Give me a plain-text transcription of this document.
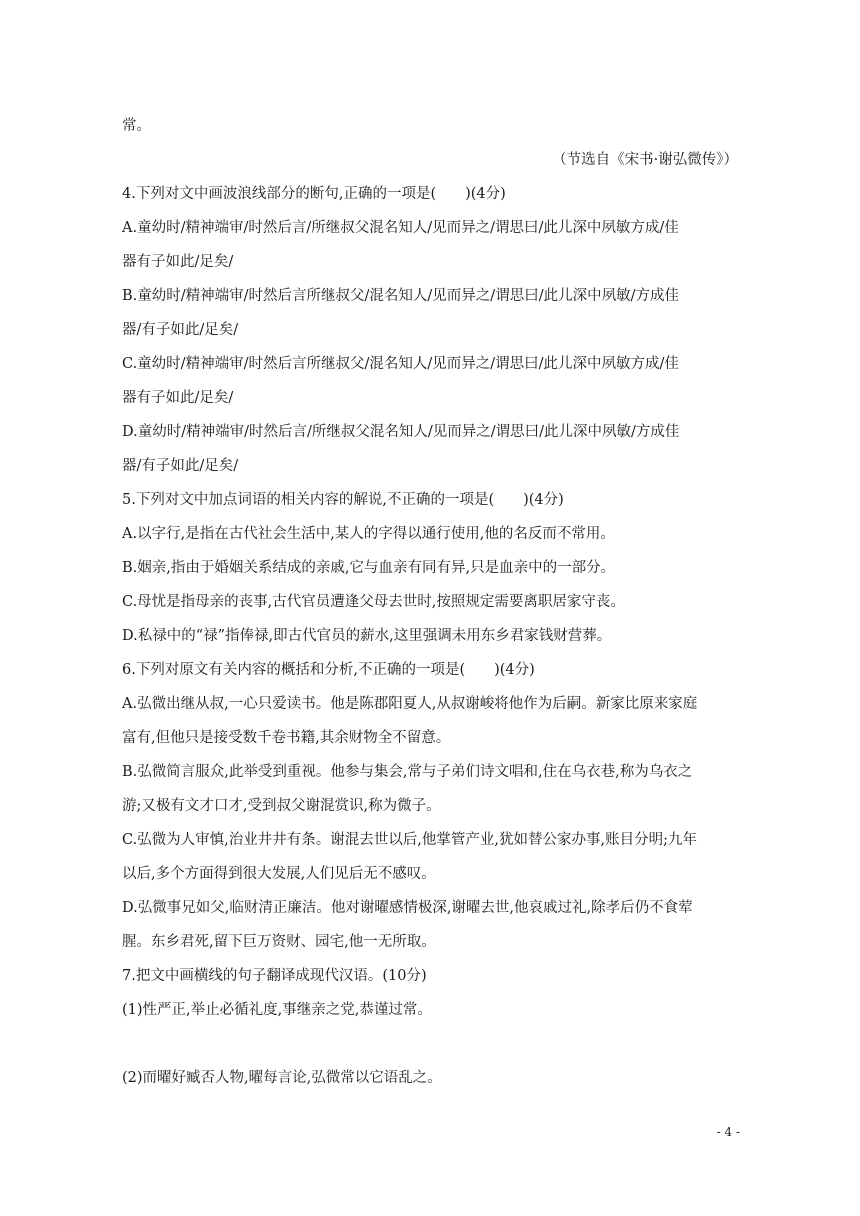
常。
（节选自《宋书·谢弘微传》）
4.下列对文中画波浪线部分的断句,正确的一项是(　　)(4分)
A.童幼时/精神端审/时然后言/所继叔父混名知人/见而异之/谓思曰/此儿深中夙敏方成/佳
器有子如此/足矣/
B.童幼时/精神端审/时然后言所继叔父/混名知人/见而异之/谓思曰/此儿深中夙敏/方成佳
器/有子如此/足矣/
C.童幼时/精神端审/时然后言所继叔父/混名知人/见而异之/谓思曰/此儿深中夙敏方成/佳
器有子如此/足矣/
D.童幼时/精神端审/时然后言/所继叔父混名知人/见而异之/谓思曰/此儿深中夙敏/方成佳
器/有子如此/足矣/
5.下列对文中加点词语的相关内容的解说,不正确的一项是(　　)(4分)
A.以字行,是指在古代社会生活中,某人的字得以通行使用,他的名反而不常用。
B.姻亲,指由于婚姻关系结成的亲戚,它与血亲有同有异,只是血亲中的一部分。
C.母忧是指母亲的丧事,古代官员遭逢父母去世时,按照规定需要离职居家守丧。
D.私禄中的“禄”指俸禄,即古代官员的薪水,这里强调未用东乡君家钱财营葬。
6.下列对原文有关内容的概括和分析,不正确的一项是(　　)(4分)
A.弘微出继从叔,一心只爱读书。他是陈郡阳夏人,从叔谢峻将他作为后嗣。新家比原来家庭
富有,但他只是接受数千卷书籍,其余财物全不留意。
B.弘微简言服众,此举受到重视。他参与集会,常与子弟们诗文唱和,住在乌衣巷,称为乌衣之
游;又极有文才口才,受到叔父谢混赏识,称为微子。
C.弘微为人审慎,治业井井有条。谢混去世以后,他掌管产业,犹如替公家办事,账目分明;九年
以后,多个方面得到很大发展,人们见后无不感叹。
D.弘微事兄如父,临财清正廉洁。他对谢曜感情极深,谢曜去世,他哀戚过礼,除孝后仍不食荤
腥。东乡君死,留下巨万资财、园宅,他一无所取。
7.把文中画横线的句子翻译成现代汉语。(10分)
(1)性严正,举止必循礼度,事继亲之党,恭谨过常。
(2)而曜好臧否人物,曜每言论,弘微常以它语乱之。
- 4 -
